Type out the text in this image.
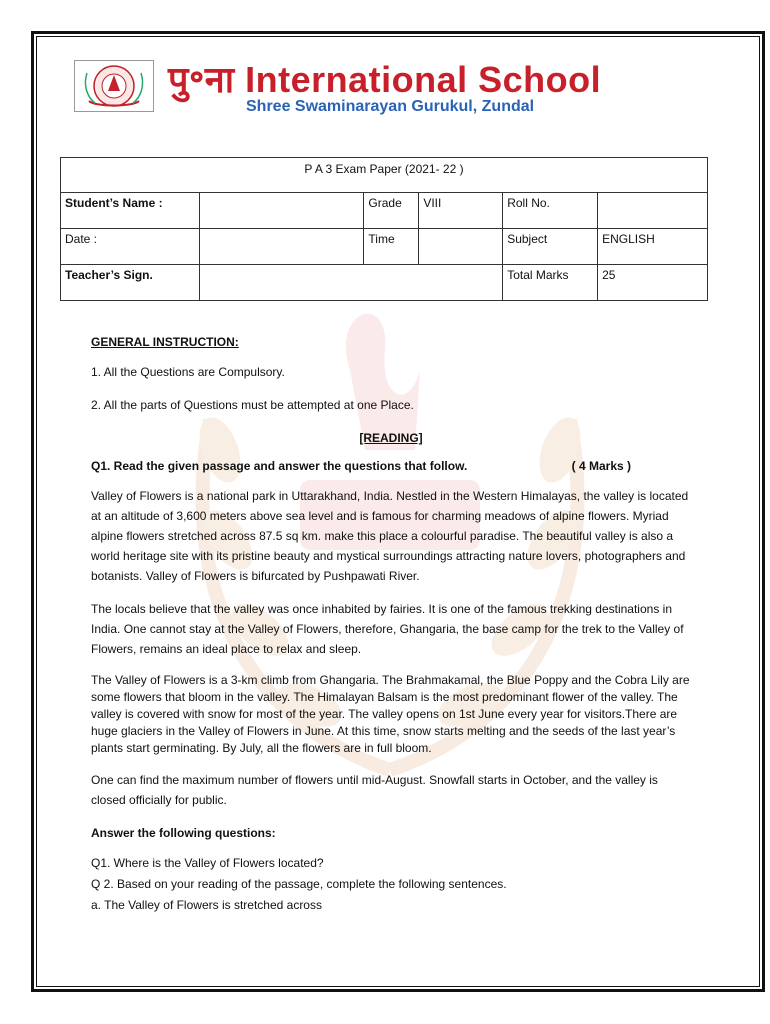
पु॰ना International School
Shree Swaminarayan Gurukul, Zundal
P A 3 Exam Paper (2021- 22 )					
Student’s Name :		Grade	VIII	Roll No.	
Date :		Time		Subject	ENGLISH
Teacher’s Sign.				Total Marks	25

GENERAL INSTRUCTION:

1. All the Questions are Compulsory.

2. All the parts of Questions must be attempted at one Place.

[READING]

Q1. Read the given passage and answer the questions that follow.	( 4 Marks )

Valley of Flowers is a national park in Uttarakhand, India. Nestled in the Western Himalayas, the valley is located at an altitude of 3,600 meters above sea level and is famous for charming meadows of alpine flowers. Myriad alpine flowers stretched across 87.5 sq km. make this place a colourful paradise. The beautiful valley is also a world heritage site with its pristine beauty and mystical surroundings attracting nature lovers, photographers and botanists. Valley of Flowers is bifurcated by Pushpawati River.

The locals believe that the valley was once inhabited by fairies. It is one of the famous trekking destinations in India. One cannot stay at the Valley of Flowers, therefore, Ghangaria, the base camp for the trek to the Valley of Flowers, remains an ideal place to relax and sleep.

The Valley of Flowers is a 3-km climb from Ghangaria. The Brahmakamal, the Blue Poppy and the Cobra Lily are some flowers that bloom in the valley. The Himalayan Balsam is the most predominant flower of the valley. The valley is covered with snow for most of the year. The valley opens on 1st June every year for visitors.There are huge glaciers in the Valley of Flowers in June. At this time, snow starts melting and the seeds of the last year’s plants start germinating. By July, all the flowers are in full bloom.

One can find the maximum number of flowers until mid-August. Snowfall starts in October, and the valley is closed officially for public.

Answer the following questions:

Q1. Where is the Valley of Flowers located?

Q 2. Based on your reading of the passage, complete the following sentences.

a. The Valley of Flowers is stretched across
